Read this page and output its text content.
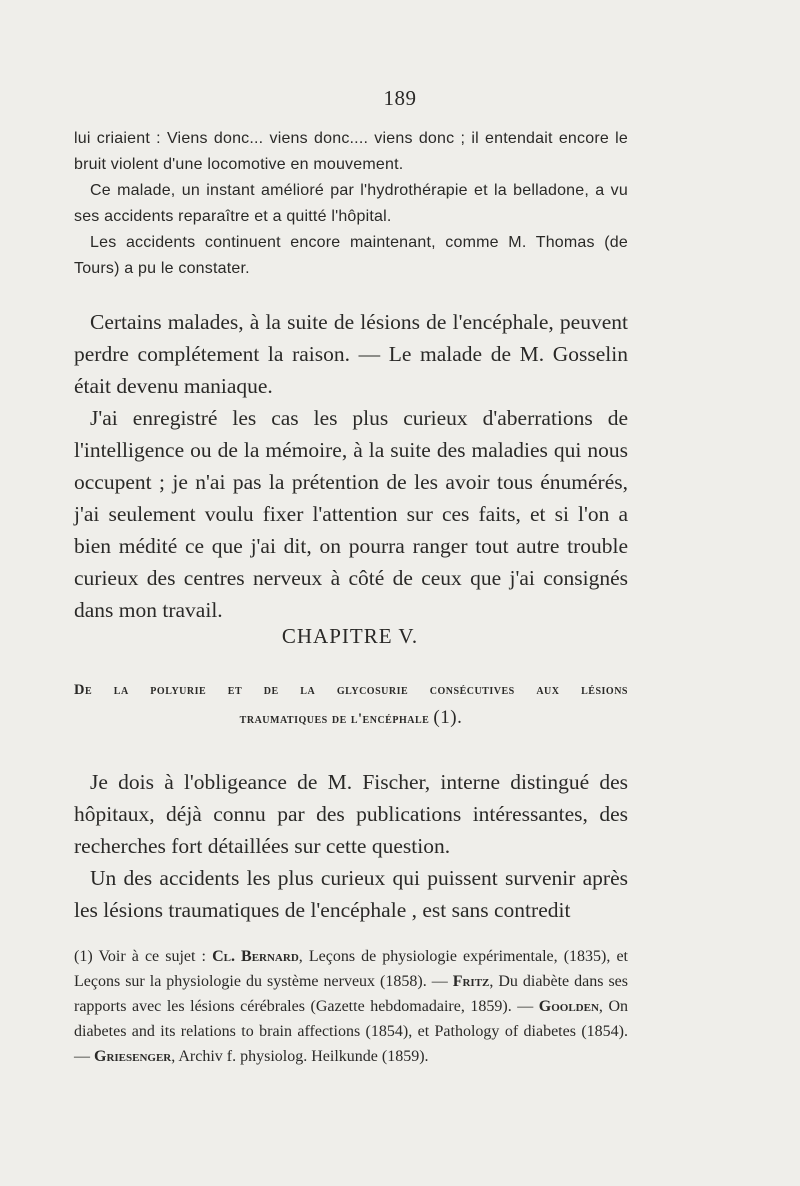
189

lui criaient : Viens donc... viens donc.... viens donc ; il entendait encore le bruit violent d'une locomotive en mouvement.

Ce malade, un instant amélioré par l'hydrothérapie et la belladone, a vu ses accidents reparaître et a quitté l'hôpital.

Les accidents continuent encore maintenant, comme M. Thomas (de Tours) a pu le constater.

Certains malades, à la suite de lésions de l'encéphale, peuvent perdre complétement la raison. — Le malade de M. Gosselin était devenu maniaque.

J'ai enregistré les cas les plus curieux d'aberrations de l'intelligence ou de la mémoire, à la suite des maladies qui nous occupent ; je n'ai pas la prétention de les avoir tous énumérés, j'ai seulement voulu fixer l'attention sur ces faits, et si l'on a bien médité ce que j'ai dit, on pourra ranger tout autre trouble curieux des centres nerveux à côté de ceux que j'ai consignés dans mon travail.

CHAPITRE V.
De la polyurie et de la glycosurie consécutives aux lésions
traumatiques de l'encéphale (1).

Je dois à l'obligeance de M. Fischer, interne distingué des hôpitaux, déjà connu par des publications intéressantes, des recherches fort détaillées sur cette question.

Un des accidents les plus curieux qui puissent survenir après les lésions traumatiques de l'encéphale , est sans contredit

(1) Voir à ce sujet : Cl. Bernard, Leçons de physiologie expérimentale, (1835), et Leçons sur la physiologie du système nerveux (1858). — Fritz, Du diabète dans ses rapports avec les lésions cérébrales (Gazette hebdomadaire, 1859). — Goolden, On diabetes and its relations to brain affections (1854), et Pathology of diabetes (1854). — Griesenger, Archiv f. physiolog. Heilkunde (1859).
